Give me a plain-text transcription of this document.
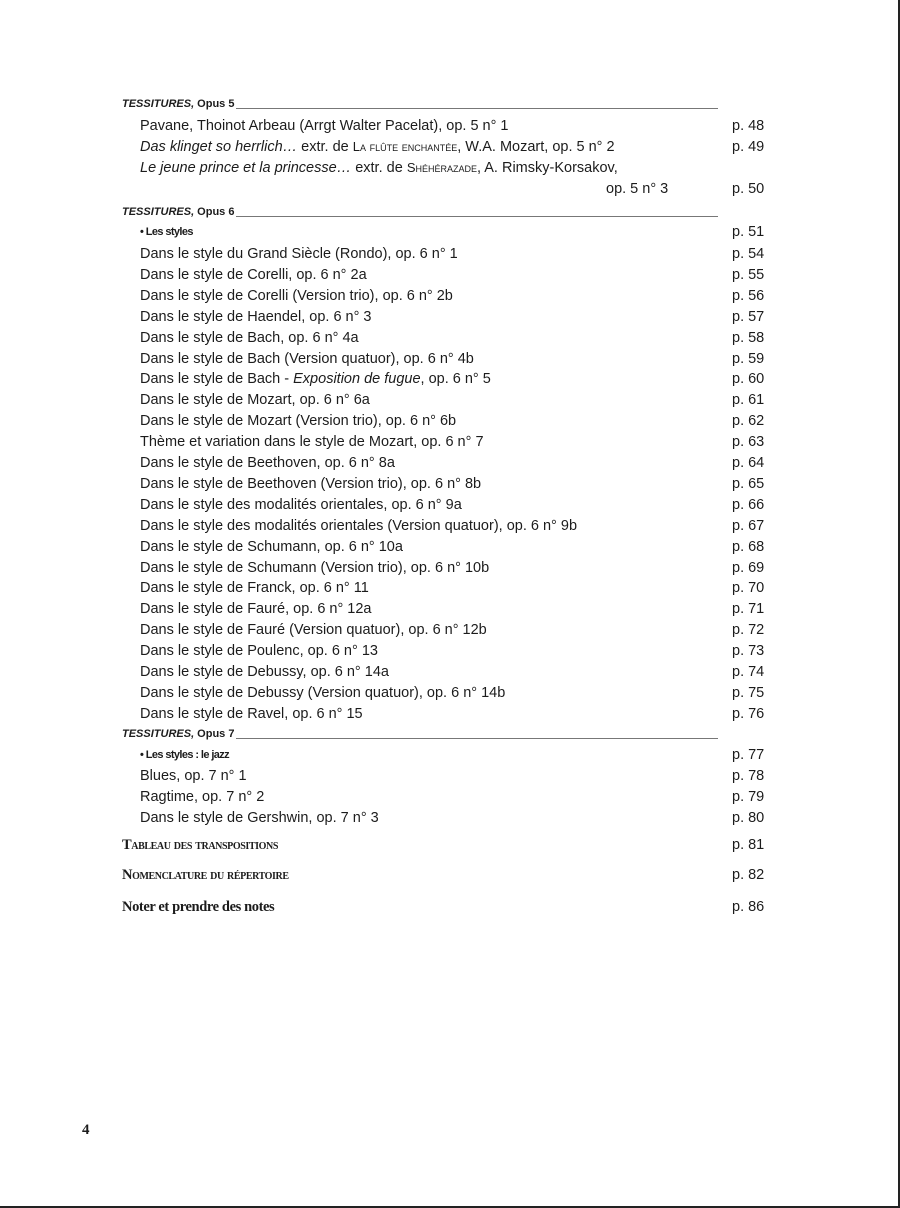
TESSITURES, Opus 5
Pavane, Thoinot Arbeau (Arrgt Walter Pacelat), op. 5 n° 1	p. 48
Das klinget so herrlich… extr. de La flûte enchantée, W.A. Mozart, op. 5 n° 2	p. 49
Le jeune prince et la princesse… extr. de Shéhérazade, A. Rimsky-Korsakov,
op. 5 n° 3	p. 50
TESSITURES, Opus 6
• Les styles	p. 51
Dans le style du Grand Siècle (Rondo), op. 6 n° 1	p. 54
Dans le style de Corelli, op. 6 n° 2a	p. 55
Dans le style de Corelli (Version trio), op. 6 n° 2b	p. 56
Dans le style de Haendel, op. 6 n° 3	p. 57
Dans le style de Bach, op. 6 n° 4a	p. 58
Dans le style de Bach (Version quatuor), op. 6 n° 4b	p. 59
Dans le style de Bach - Exposition de fugue, op. 6 n° 5	p. 60
Dans le style de Mozart, op. 6 n° 6a	p. 61
Dans le style de Mozart (Version trio), op. 6 n° 6b	p. 62
Thème et variation dans le style de Mozart, op. 6 n° 7	p. 63
Dans le style de Beethoven, op. 6 n° 8a	p. 64
Dans le style de Beethoven (Version trio), op. 6 n° 8b	p. 65
Dans le style des modalités orientales, op. 6 n° 9a	p. 66
Dans le style des modalités orientales (Version quatuor), op. 6 n° 9b	p. 67
Dans le style de Schumann, op. 6 n° 10a	p. 68
Dans le style de Schumann (Version trio), op. 6 n° 10b	p. 69
Dans le style de Franck, op. 6 n° 11	p. 70
Dans le style de Fauré, op. 6 n° 12a	p. 71
Dans le style de Fauré (Version quatuor), op. 6 n° 12b	p. 72
Dans le style de Poulenc, op. 6 n° 13	p. 73
Dans le style de Debussy, op. 6 n° 14a	p. 74
Dans le style de Debussy (Version quatuor), op. 6 n° 14b	p. 75
Dans le style de Ravel, op. 6 n° 15	p. 76
TESSITURES, Opus 7
• Les styles : le jazz	p. 77
Blues, op. 7 n° 1	p. 78
Ragtime, op. 7 n° 2	p. 79
Dans le style de Gershwin, op. 7 n° 3	p. 80
Tableau des transpositions	p. 81
Nomenclature du répertoire	p. 82
Noter et prendre des notes	p. 86
4
